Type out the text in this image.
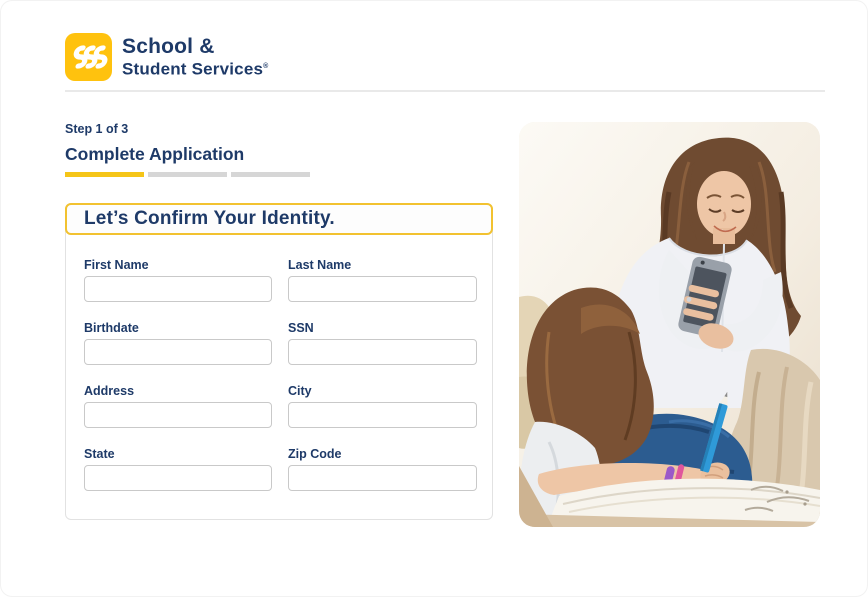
School &
Student Services®
Step 1 of 3
Complete Application
Let’s Confirm Your Identity.
First Name	Last Name
Birthdate	SSN
Address	City
State	Zip Code
